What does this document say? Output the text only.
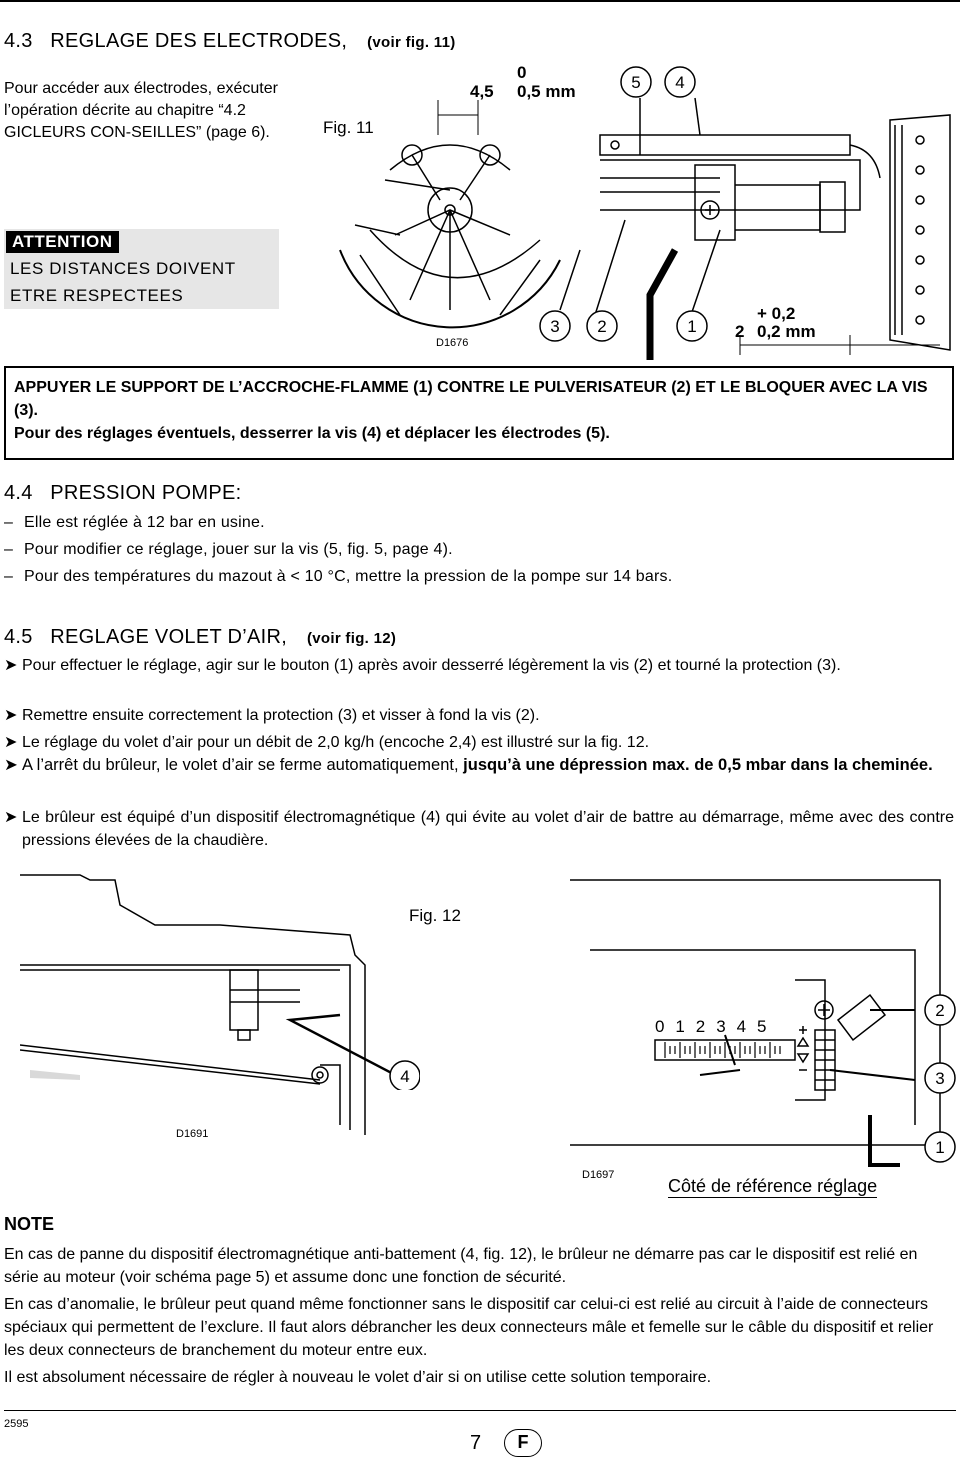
4.3 REGLAGE DES ELECTRODES, (voir fig. 11)
Pour accéder aux électrodes, exécuter l’opération décrite au chapitre “4.2 GICLEURS CON-SEILLES” (page 6).
ATTENTION
LES DISTANCES DOIVENT
ETRE RESPECTEES
5 4
3 2	1
Fig. 11
D1676
0
4,5 0,5 mm
+ 0,2
2 0,2 mm
APPUYER LE SUPPORT DE L’ACCROCHE-FLAMME (1) CONTRE LE PULVERISATEUR (2) ET LE BLOQUER AVEC LA VIS (3).
Pour des réglages éventuels, desserrer la vis (4) et déplacer les électrodes (5).
4.4 PRESSION POMPE:
– Elle est réglée à 12 bar en usine.
– Pour modifier ce réglage, jouer sur la vis (5, fig. 5, page 4).
– Pour des températures du mazout à < 10 °C, mettre la pression de la pompe sur 14 bars.
4.5 REGLAGE VOLET D’AIR, (voir fig. 12)
➤ Pour effectuer le réglage, agir sur le bouton (1) après avoir desserré légèrement la vis (2) et tourné la protection (3).
➤ Remettre ensuite correctement la protection (3) et visser à fond la vis (2).
➤ Le réglage du volet d’air pour un débit de 2,0 kg/h (encoche 2,4) est illustré sur la fig. 12.
➤ A l’arrêt du brûleur, le volet d’air se ferme automatiquement, jusqu’à une dépression max. de 0,5 mbar dans la cheminée.
➤ Le brûleur est équipé d’un dispositif électromagnétique (4) qui évite au volet d’air de battre au démarrage, même avec des contre pressions élevées de la chaudière.
D1691
2
3
1
4
Fig. 12
0  1  2  3  4  5
D1697
Côté de référence réglage
NOTE
En cas de panne du dispositif électromagnétique anti-battement (4, fig. 12), le brûleur ne démarre pas car le dispositif est relié en série au moteur (voir schéma page 5) et assume donc une fonction de sécurité.
En cas d’anomalie, le brûleur peut quand même fonctionner sans le dispositif car celui-ci est relié au circuit à l’aide de connecteurs spéciaux qui permettent de l’exclure. Il faut alors débrancher les deux connecteurs mâle et femelle sur le câble du dispositif et relier les deux connecteurs de branchement du moteur entre eux.
Il est absolument nécessaire de régler à nouveau le volet d’air si on utilise cette solution temporaire.
2595
7	F
